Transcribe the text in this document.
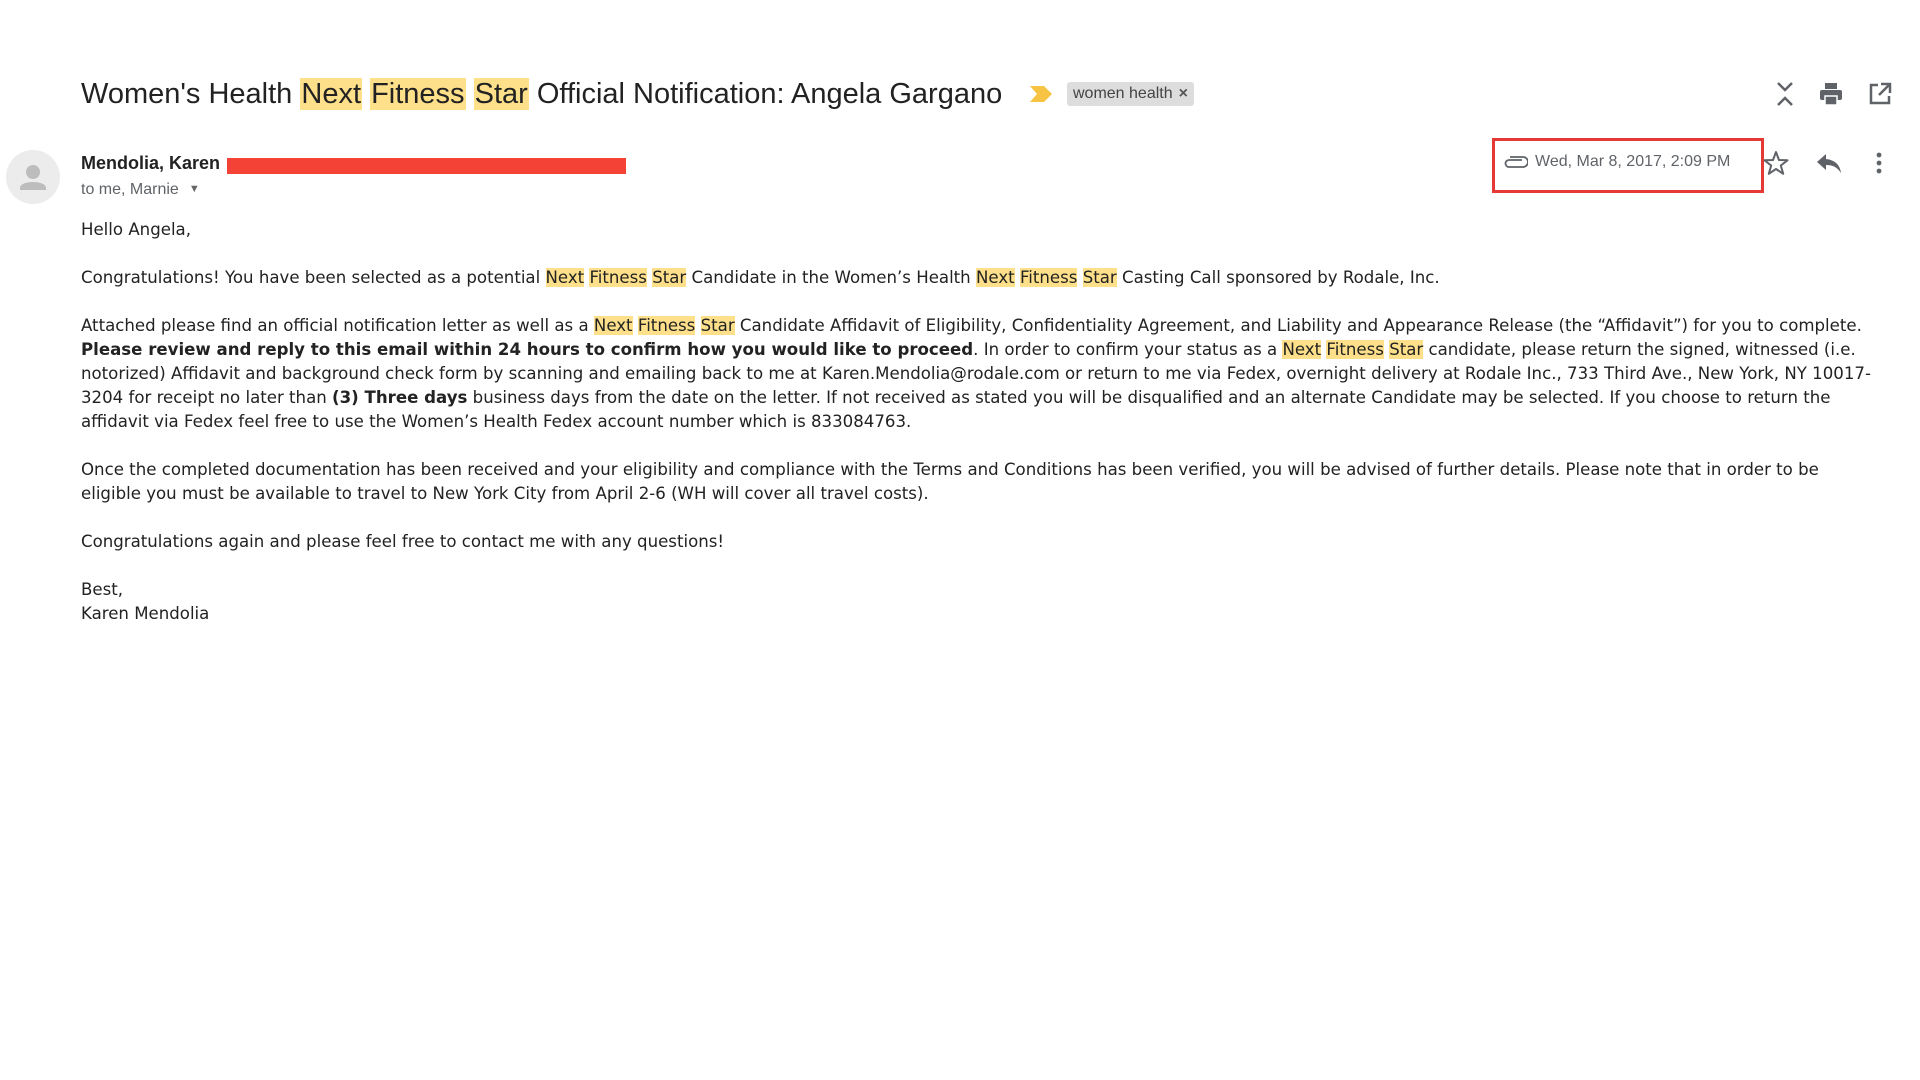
Women's Health Next Fitness Star Official Notification: Angela Gargano	women health ×
Mendolia, Karen
to me, Marnie ▼
Wed, Mar 8, 2017, 2:09 PM

Hello Angela,

Congratulations! You have been selected as a potential Next Fitness Star Candidate in the Women’s Health Next Fitness Star Casting Call sponsored by Rodale, Inc.

Attached please find an official notification letter as well as a Next Fitness Star Candidate Affidavit of Eligibility, Confidentiality Agreement, and Liability and Appearance Release (the “Affidavit”) for you to complete. Please review and reply to this email within 24 hours to confirm how you would like to proceed. In order to confirm your status as a Next Fitness Star candidate, please return the signed, witnessed (i.e. notorized) Affidavit and background check form by scanning and emailing back to me at Karen.Mendolia@rodale.com or return to me via Fedex, overnight delivery at Rodale Inc., 733 Third Ave., New York, NY 10017-3204 for receipt no later than (3) Three days business days from the date on the letter. If not received as stated you will be disqualified and an alternate Candidate may be selected. If you choose to return the affidavit via Fedex feel free to use the Women’s Health Fedex account number which is 833084763.

Once the completed documentation has been received and your eligibility and compliance with the Terms and Conditions has been verified, you will be advised of further details. Please note that in order to be eligible you must be available to travel to New York City from April 2-6 (WH will cover all travel costs).

Congratulations again and please feel free to contact me with any questions!

Best,

Karen Mendolia
